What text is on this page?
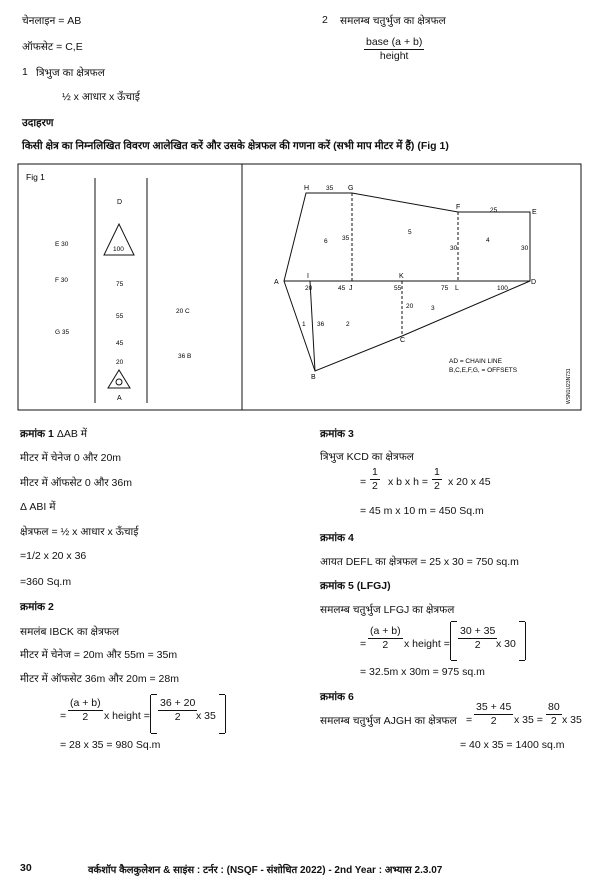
चेनलाइन = AB
ऑफसेट = C,E
1 त्रिभुज का क्षेत्रफल
½ x आधार x ऊँचाई
2 समलम्ब चतुर्भुज का क्षेत्रफल
base (a + b)
height
उदाहरण
किसी क्षेत्र का निम्नलिखित विवरण आलेखित करें और उसके क्षेत्रफल की गणना करें (सभी माप मीटर में हैं) (Fig 1)
Fig 1
D
100
75
55
45
20
A
E 30
F 30
G 35
20 C
36 B
H	35 G
F	25	E
35
6
5
4
30	30
A
I	K
D
20	45 J	55	75 L	100
20	3
1 36	2
C
B
AD = CHAIN LINE
B,C,E,F,G, = OFFSETS	WSN1U23N731
क्रमांक 1 ΔAB में
मीटर में चेनेज 0 और 20m
मीटर में ऑफसेट 0 और 36m
Δ ABI में
क्षेत्रफल = ½ x आधार x ऊँचाई
=1/2 x 20 x 36
=360 Sq.m
क्रमांक 2
समलंब IBCK का क्षेत्रफल
मीटर में चेनेज = 20m और 55m = 35m
मीटर में ऑफसेट 36m और 20m = 28m
=
(a + b)
2 x height =
36 + 20
2 x 35
= 28 x 35 = 980 Sq.m
क्रमांक 3
त्रिभुज KCD का क्षेत्रफल
=
1
2 x b x h =
1
2 x 20 x 45
= 45 m x 10 m = 450 Sq.m
क्रमांक 4
आयत DEFL का क्षेत्रफल = 25 x 30 = 750 sq.m
क्रमांक 5 (LFGJ)
समलम्ब चतुर्भुज LFGJ का क्षेत्रफल
=
(a + b)
2 x height =
30 + 35
2 x 30
= 32.5m x 30m = 975 sq.m
क्रमांक 6
समलम्ब चतुर्भुज AJGH का क्षेत्रफल =
35 + 45
2 x 35 =
80
2 x 35
= 40 x 35 = 1400 sq.m
30	वर्कशॉप कैलकुलेशन & साइंस : टर्नर : (NSQF - संशोधित 2022) - 2nd Year : अभ्यास 2.3.07
